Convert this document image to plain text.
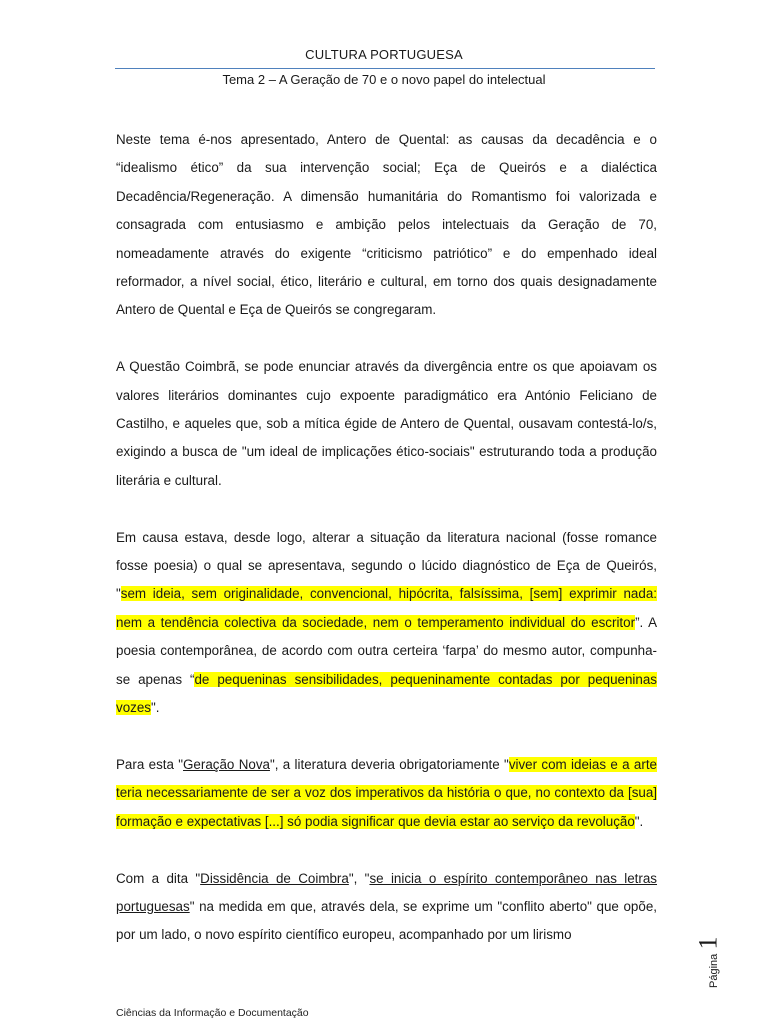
CULTURA PORTUGUESA
Tema 2 – A Geração de 70 e o novo papel do intelectual

Neste tema é-nos apresentado, Antero de Quental: as causas da decadência e o “idealismo ético” da sua intervenção social; Eça de Queirós e a dialéctica Decadência/Regeneração. A dimensão humanitária do Romantismo foi valorizada e consagrada com entusiasmo e ambição pelos intelectuais da Geração de 70, nomeadamente através do exigente “criticismo patriótico” e do empenhado ideal reformador, a nível social, ético, literário e cultural, em torno dos quais designadamente Antero de Quental e Eça de Queirós se congregaram.

A Questão Coimbrã, se pode enunciar através da divergência entre os que apoiavam os valores literários dominantes cujo expoente paradigmático era António Feliciano de Castilho, e aqueles que, sob a mítica égide de Antero de Quental, ousavam contestá-lo/s, exigindo a busca de "um ideal de implicações ético-sociais" estruturando toda a produção literária e cultural.

Em causa estava, desde logo, alterar a situação da literatura nacional (fosse romance fosse poesia) o qual se apresentava, segundo o lúcido diagnóstico de Eça de Queirós, "sem ideia, sem originalidade, convencional, hipócrita, falsíssima, [sem] exprimir nada: nem a tendência colectiva da sociedade, nem o temperamento individual do escritor”. A poesia contemporânea, de acordo com outra certeira ‘farpa’ do mesmo autor, compunha-se apenas “de pequeninas sensibilidades, pequeninamente contadas por pequeninas vozes".

Para esta "Geração Nova", a literatura deveria obrigatoriamente "viver com ideias e a arte teria necessariamente de ser a voz dos imperativos da história o que, no contexto da [sua] formação e expectativas [...] só podia significar que devia estar ao serviço da revolução".

Com a dita "Dissidência de Coimbra", "se inicia o espírito contemporâneo nas letras portuguesas" na medida em que, através dela, se exprime um "conflito aberto" que opõe, por um lado, o novo espírito científico europeu, acompanhado por um lirismo

Página
1
Ciências da Informação e Documentação
